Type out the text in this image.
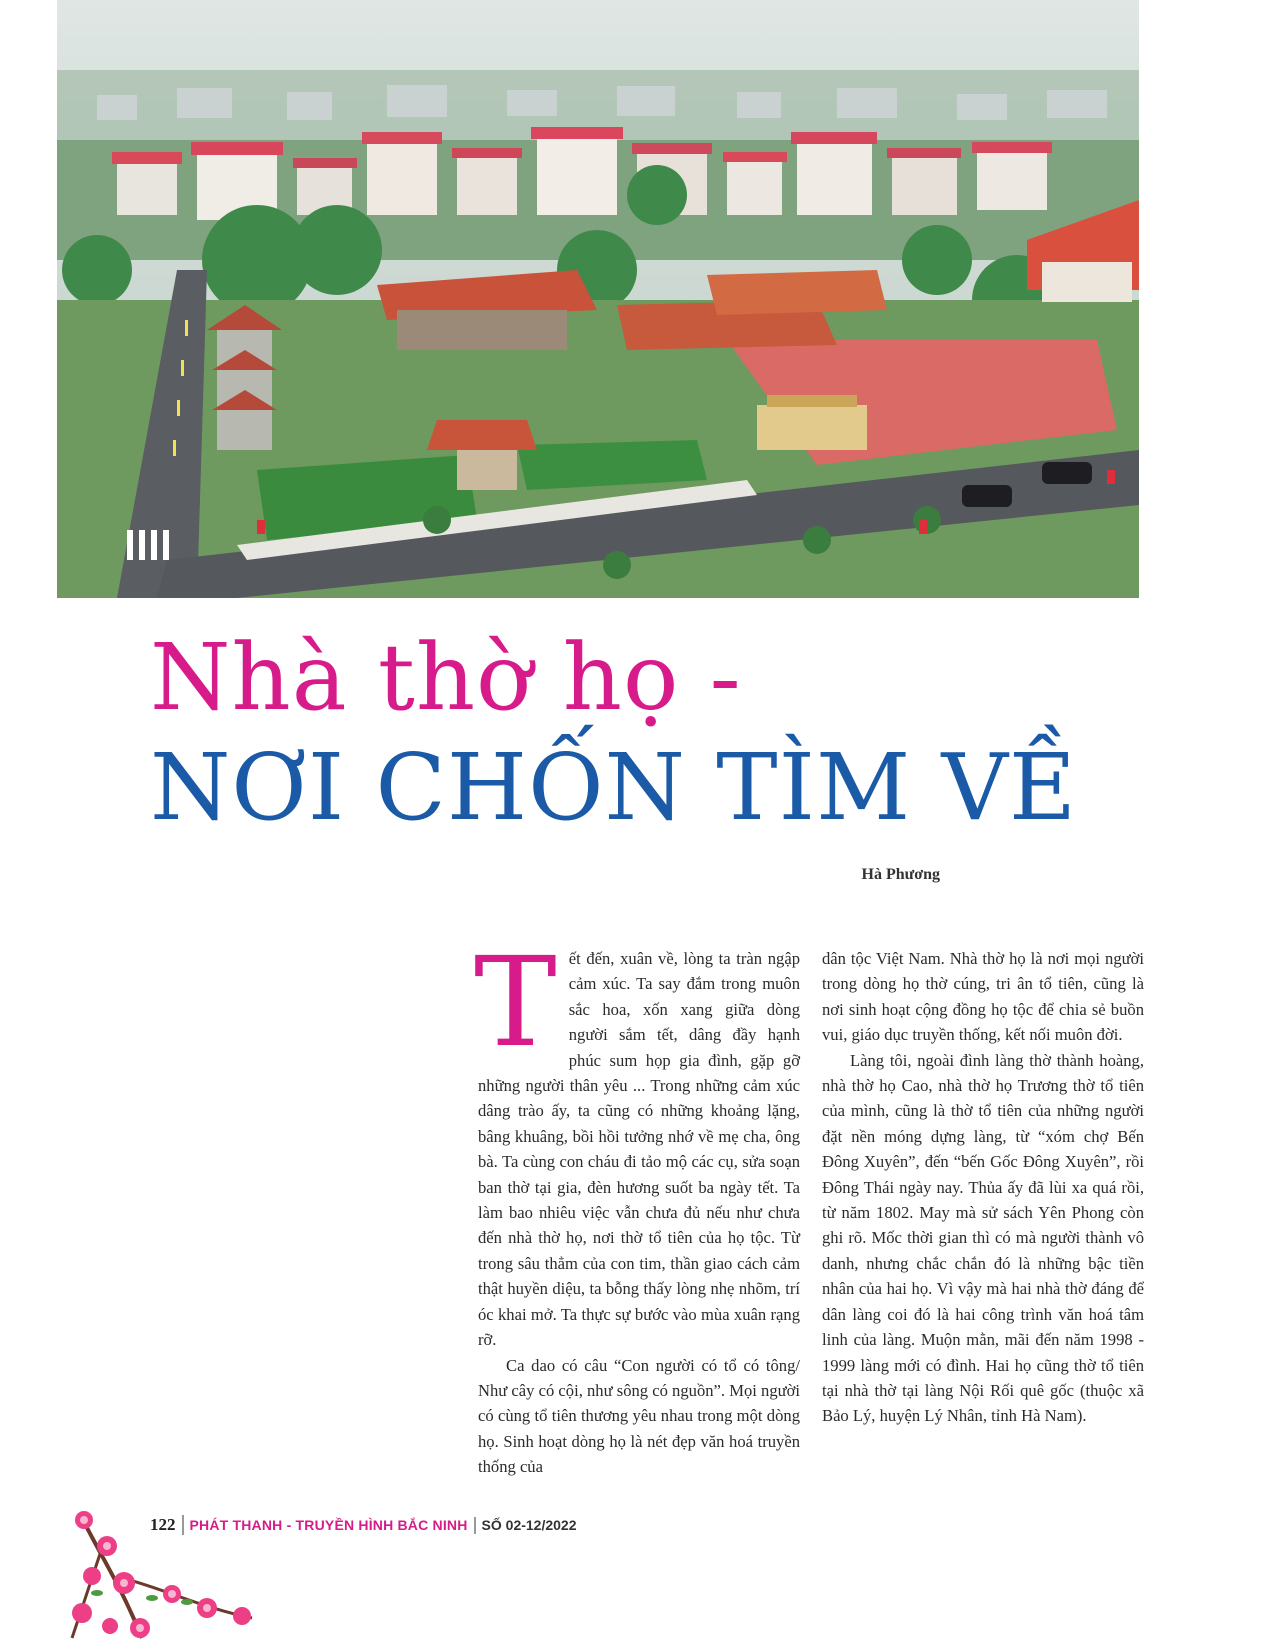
Nhà thờ họ -
NƠI CHỐN TÌM VỀ
Hà Phương
T ết đến, xuân về, lòng ta tràn ngập cảm xúc. Ta say đắm trong muôn sắc hoa, xốn xang giữa dòng người sắm tết, dâng đầy hạnh phúc sum họp gia đình, gặp gỡ những người thân yêu ... Trong những cảm xúc dâng trào ấy, ta cũng có những khoảng lặng, bâng khuâng, bồi hồi tưởng nhớ về mẹ cha, ông bà. Ta cùng con cháu đi tảo mộ các cụ, sửa soạn ban thờ tại gia, đèn hương suốt ba ngày tết. Ta làm bao nhiêu việc vẫn chưa đủ nếu như chưa đến nhà thờ họ, nơi thờ tổ tiên của họ tộc. Từ trong sâu thẳm của con tim, thần giao cách cảm thật huyền diệu, ta bỗng thấy lòng nhẹ nhõm, trí óc khai mở. Ta thực sự bước vào mùa xuân rạng rỡ.

Ca dao có câu “Con người có tổ có tông/ Như cây có cội, như sông có nguồn”. Mọi người có cùng tổ tiên thương yêu nhau trong một dòng họ. Sinh hoạt dòng họ là nét đẹp văn hoá truyền thống của

dân tộc Việt Nam. Nhà thờ họ là nơi mọi người trong dòng họ thờ cúng, tri ân tổ tiên, cũng là nơi sinh hoạt cộng đồng họ tộc để chia sẻ buồn vui, giáo dục truyền thống, kết nối muôn đời.

Làng tôi, ngoài đình làng thờ thành hoàng, nhà thờ họ Cao, nhà thờ họ Trương thờ tổ tiên của mình, cũng là thờ tổ tiên của những người đặt nền móng dựng làng, từ “xóm chợ Bến Đông Xuyên”, đến “bến Gốc Đông Xuyên”, rồi Đông Thái ngày nay. Thủa ấy đã lùi xa quá rồi, từ năm 1802. May mà sử sách Yên Phong còn ghi rõ. Mốc thời gian thì có mà người thành vô danh, nhưng chắc chắn đó là những bậc tiền nhân của hai họ. Vì vậy mà hai nhà thờ đáng để dân làng coi đó là hai công trình văn hoá tâm linh của làng. Muộn mằn, mãi đến năm 1998 - 1999 làng mới có đình. Hai họ cũng thờ tổ tiên tại nhà thờ tại làng Nội Rối quê gốc (thuộc xã Bảo Lý, huyện Lý Nhân, tỉnh Hà Nam).

122	PHÁT THANH - TRUYỀN HÌNH BẮC NINH SỐ 02-12/2022
